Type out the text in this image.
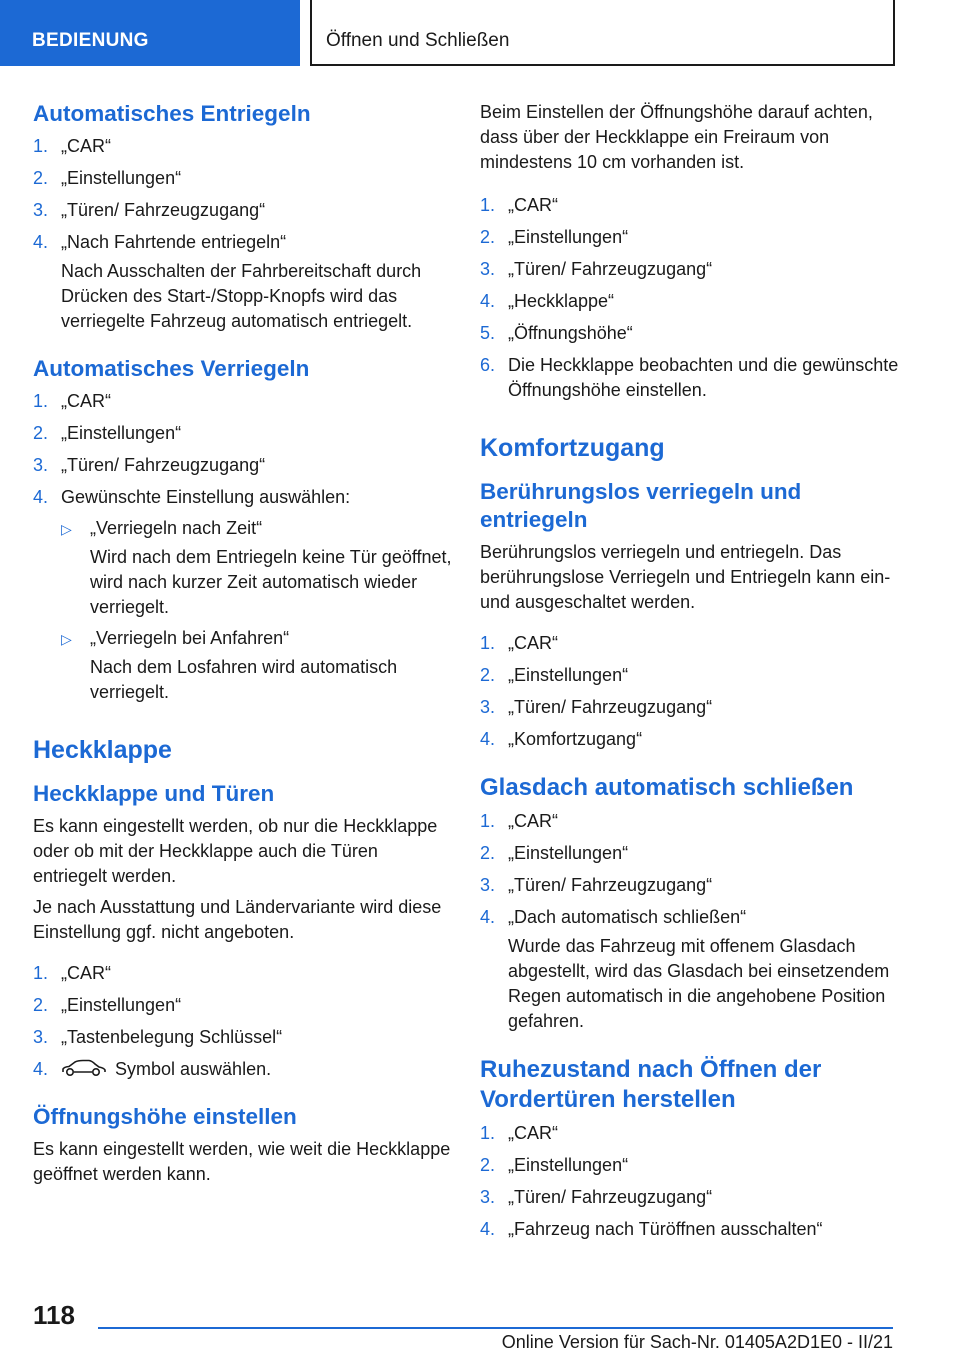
BEDIENUNG	Öffnen und Schließen
Automatisches Entriegeln
1. „CAR“
2. „Einstellungen“
3. „Türen/ Fahrzeugzugang“
4. „Nach Fahrtende entriegeln“
Nach Ausschalten der Fahrbereitschaft durch Drücken des Start-/Stopp-Knopfs wird das verriegelte Fahrzeug automatisch entriegelt.
Automatisches Verriegeln
1. „CAR“
2. „Einstellungen“
3. „Türen/ Fahrzeugzugang“
4. Gewünschte Einstellung auswählen:
▷	„Verriegeln nach Zeit“
Wird nach dem Entriegeln keine Tür geöffnet, wird nach kurzer Zeit automatisch wieder verriegelt.
▷	„Verriegeln bei Anfahren“
Nach dem Losfahren wird automatisch verriegelt.
Heckklappe
Heckklappe und Türen
Es kann eingestellt werden, ob nur die Heckklappe oder ob mit der Heckklappe auch die Türen entriegelt werden.
Je nach Ausstattung und Ländervariante wird diese Einstellung ggf. nicht angeboten.
1. „CAR“
2. „Einstellungen“
3. „Tastenbelegung Schlüssel“
4.	Symbol auswählen.
Öffnungshöhe einstellen
Es kann eingestellt werden, wie weit die Heckklappe geöffnet werden kann.
Beim Einstellen der Öffnungshöhe darauf achten, dass über der Heckklappe ein Freiraum von mindestens 10 cm vorhanden ist.
1. „CAR“
2. „Einstellungen“
3. „Türen/ Fahrzeugzugang“
4. „Heckklappe“
5. „Öffnungshöhe“
6. Die Heckklappe beobachten und die gewünschte Öffnungshöhe einstellen.
Komfortzugang
Berührungslos verriegeln und entriegeln
Berührungslos verriegeln und entriegeln. Das berührungslose Verriegeln und Entriegeln kann ein- und ausgeschaltet werden.
1. „CAR“
2. „Einstellungen“
3. „Türen/ Fahrzeugzugang“
4. „Komfortzugang“
Glasdach automatisch schließen
1. „CAR“
2. „Einstellungen“
3. „Türen/ Fahrzeugzugang“
4. „Dach automatisch schließen“
Wurde das Fahrzeug mit offenem Glasdach abgestellt, wird das Glasdach bei einsetzendem Regen automatisch in die angehobene Position gefahren.
Ruhezustand nach Öffnen der Vordertüren herstellen
1. „CAR“
2. „Einstellungen“
3. „Türen/ Fahrzeugzugang“
4. „Fahrzeug nach Türöffnen ausschalten“
118
Online Version für Sach-Nr. 01405A2D1E0 - II/21
